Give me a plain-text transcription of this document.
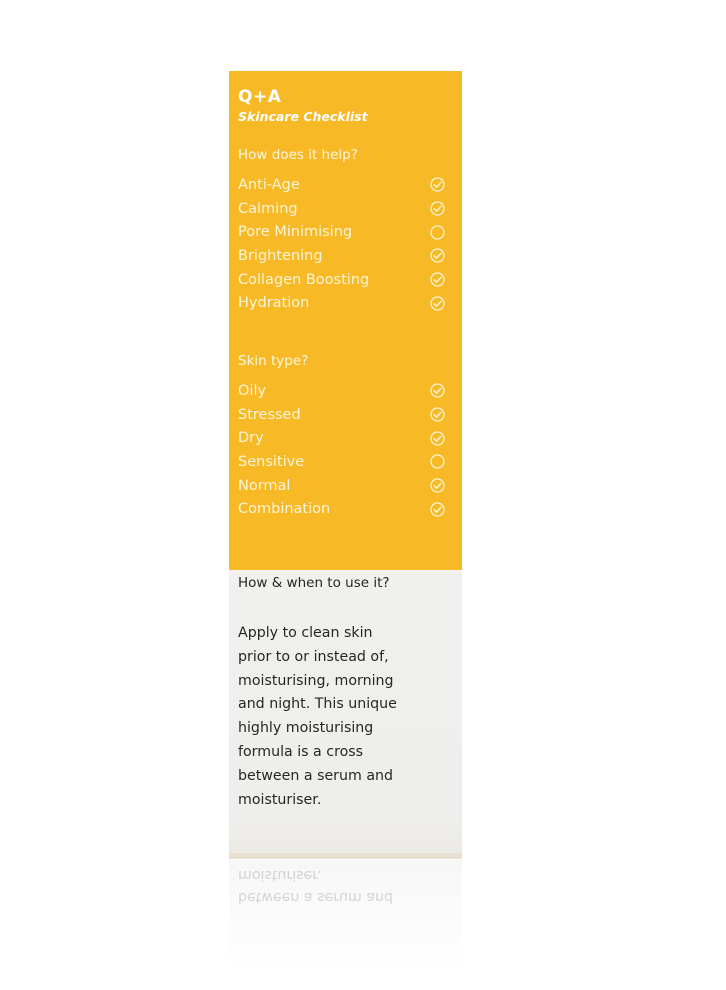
Q+A
Skincare Checklist
How does it help?
Anti-Age
Calming
Pore Minimising
Brightening
Collagen Boosting
Hydration
Skin type?
Oily
Stressed
Dry
Sensitive
Normal
Combination
How & when to use it?

Apply to clean skin
prior to or instead of,
moisturising, morning
and night. This unique
highly moisturising
formula is a cross
between a serum and
moisturiser.

between a serum and
moisturiser.
